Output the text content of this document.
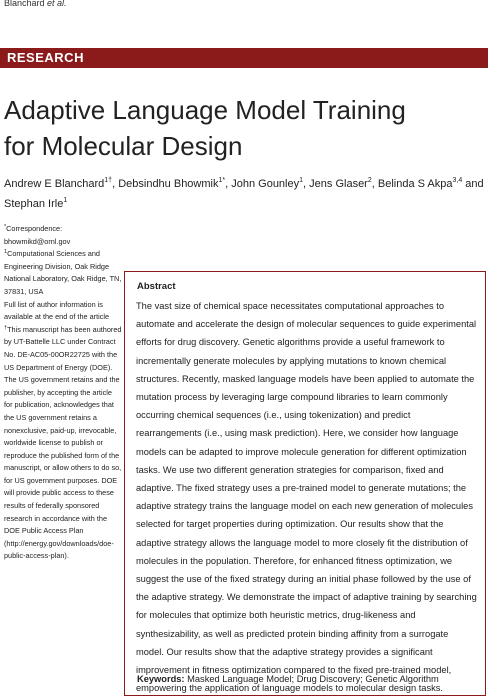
Blanchard et al.
RESEARCH
Adaptive Language Model Training
for Molecular Design
Andrew E Blanchard$^{1\dagger}$, Debsindhu Bhowmik$^{1*}$, John Gounley$^1$, Jens Glaser$^2$, Belinda S Akpa$^{3,4}$ and Stephan Irle$^1$

*Correspondence:

bhowmikd@ornl.gov

$^1$Computational Sciences and Engineering Division, Oak Ridge National Laboratory, Oak Ridge, TN, 37831, USA

Full list of author information is available at the end of the article

†This manuscript has been authored by UT-Battelle LLC under Contract No. DE-AC05-00OR22725 with the US Department of Energy (DOE). The US government retains and the publisher, by accepting the article for publication, acknowledges that the US government retains a nonexclusive, paid-up, irrevocable, worldwide license to publish or reproduce the published form of the manuscript, or allow others to do so, for US government purposes. DOE will provide public access to these results of federally sponsored research in accordance with the DOE Public Access Plan (http://energy.gov/downloads/doe-public-access-plan).

Abstract

The vast size of chemical space necessitates computational approaches to automate and accelerate the design of molecular sequences to guide experimental efforts for drug discovery. Genetic algorithms provide a useful framework to incrementally generate molecules by applying mutations to known chemical structures. Recently, masked language models have been applied to automate the mutation process by leveraging large compound libraries to learn commonly occurring chemical sequences (i.e., using tokenization) and predict rearrangements (i.e., using mask prediction). Here, we consider how language models can be adapted to improve molecule generation for different optimization tasks. We use two different generation strategies for comparison, fixed and adaptive. The fixed strategy uses a pre-trained model to generate mutations; the adaptive strategy trains the language model on each new generation of molecules selected for target properties during optimization. Our results show that the adaptive strategy allows the language model to more closely fit the distribution of molecules in the population. Therefore, for enhanced fitness optimization, we suggest the use of the fixed strategy during an initial phase followed by the use of the adaptive strategy. We demonstrate the impact of adaptive training by searching for molecules that optimize both heuristic metrics, drug-likeness and synthesizability, as well as predicted protein binding affinity from a surrogate model. Our results show that the adaptive strategy provides a significant improvement in fitness optimization compared to the fixed pre-trained model, empowering the application of language models to molecular design tasks.

Keywords: Masked Language Model; Drug Discovery; Genetic Algorithm
